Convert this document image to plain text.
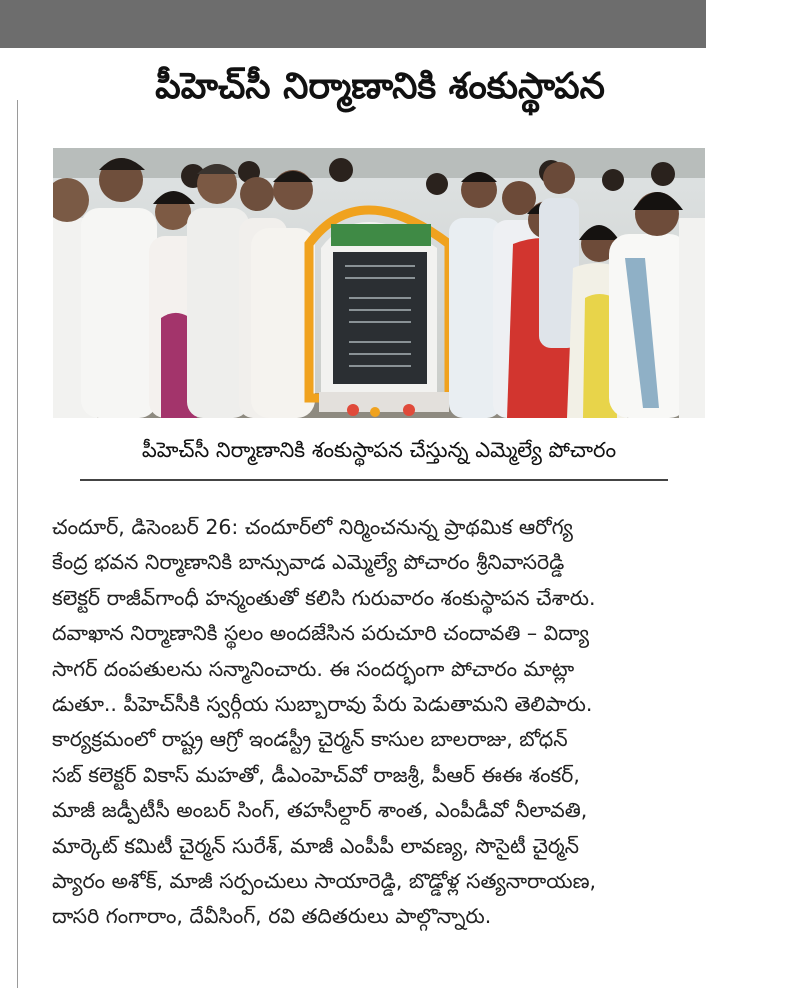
పీహెచ్‌సీ నిర్మాణానికి శంకుస్థాపన
పీహెచ్‌సీ నిర్మాణానికి శంకుస్థాపన చేస్తున్న ఎమ్మెల్యే పోచారం
చందూర్, డిసెంబర్ 26: చందూర్‌లో నిర్మించనున్న ప్రాథమిక ఆరోగ్య
కేంద్ర భవన నిర్మాణానికి బాన్సువాడ ఎమ్మెల్యే పోచారం శ్రీనివాసరెడ్డి
కలెక్టర్ రాజీవ్‌గాంధీ హన్మంతుతో కలిసి గురువారం శంకుస్థాపన చేశారు.
దవాఖాన నిర్మాణానికి స్థలం అందజేసిన పరుచూరి చందావతి – విద్యా
సాగర్ దంపతులను సన్మానించారు. ఈ సందర్భంగా పోచారం మాట్లా
డుతూ.. పీహెచ్‌సీకి స్వర్గీయ సుబ్బారావు పేరు పెడుతామని తెలిపారు.
కార్యక్రమంలో రాష్ట్ర ఆగ్రో ఇండస్ట్రీ చైర్మన్ కాసుల బాలరాజు, బోధన్
సబ్ కలెక్టర్ వికాస్ మహతో, డీఎంహెచ్‌వో రాజశ్రీ, పీఆర్ ఈఈ శంకర్,
మాజీ జడ్పీటీసీ అంబర్ సింగ్, తహసీల్దార్ శాంత, ఎంపీడీవో నీలావతి,
మార్కెట్ కమిటీ చైర్మన్ సురేశ్, మాజీ ఎంపీపీ లావణ్య, సొసైటీ చైర్మన్
ప్యారం అశోక్, మాజీ సర్పంచులు సాయారెడ్డి, బొడ్డోళ్ల సత్యనారాయణ,
దాసరి గంగారాం, దేవీసింగ్, రవి తదితరులు పాల్గొన్నారు.
